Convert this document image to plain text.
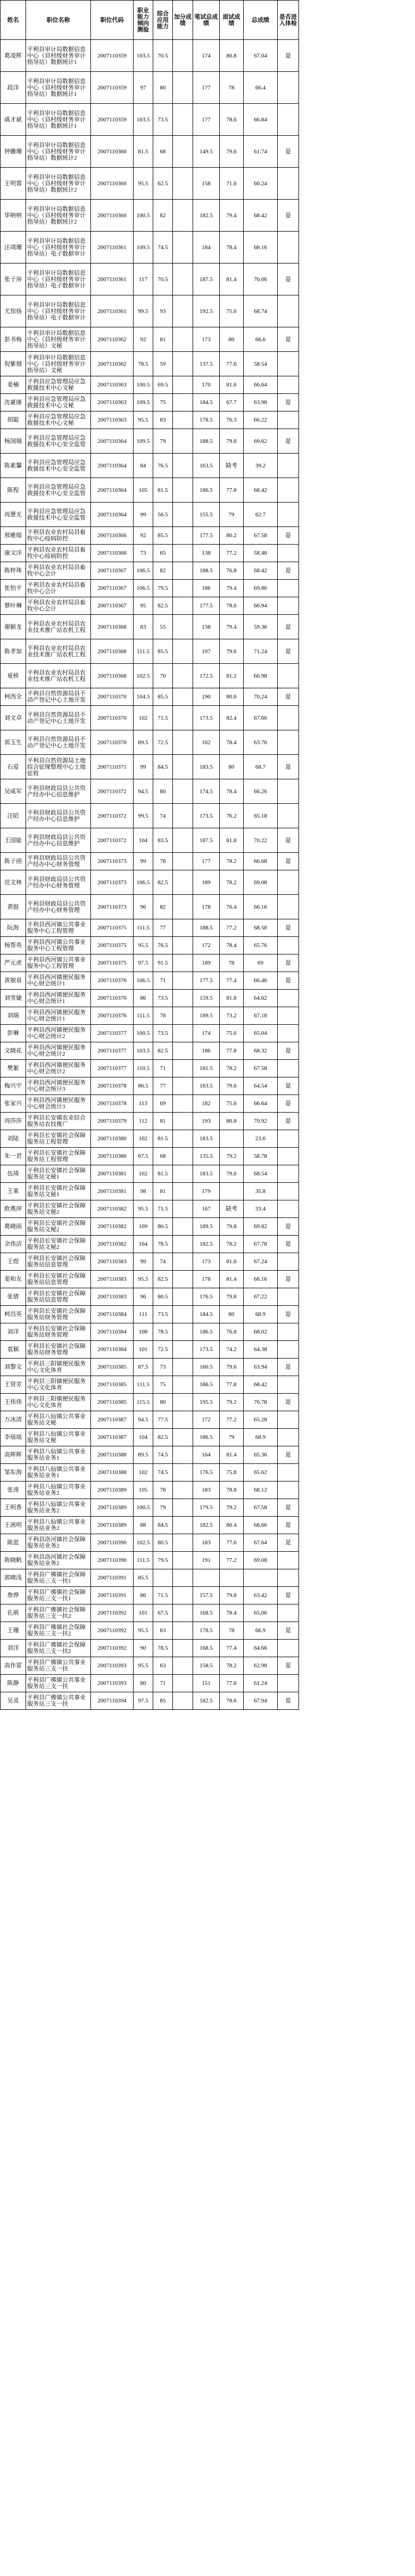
姓名	职位名称	职位代码	职业能力倾向测验	综合应用能力	加分成绩	笔试总成绩	面试成绩	总成绩	是否进入体检	
葛凌辉	平利县审计局数据信息中心（县村级财务审计指导站）数据统计1	2007110359	103.5	70.5		174	80.8	67.04	是	
段洋	平利县审计局数据信息中心（县村级财务审计指导站）数据统计1	2007110359	97	80		177	78	66.4		
戚才斌	平利县审计局数据信息中心（县村级财务审计指导站）数据统计1	2007110359	103.5	73.5		177	78.6	66.84		
钟姗珊	平利县审计局数据信息中心（县村级财务审计指导站）数据统计2	2007110360	81.5	68		149.5	79.6	61.74	是	
王明蓉	平利县审计局数据信息中心（县村级财务审计指导站）数据统计2	2007110360	95.5	62.5		158	71.6	60.24		
华呐呐	平利县审计局数据信息中心（县村级财务审计指导站）数据统计2	2007110360	100.5	82		182.5	79.4	68.42	是	
汪靖珊	平利县审计局数据信息中心（县村级财务审计指导站）电子数据审计	2007110361	109.5	74.5		184	78.4	68.16		
张子房	平利县审计局数据信息中心（县村级财务审计指导站）电子数据审计	2007110361	117	70.5		187.5	81.4	70.06	是	
尤惊扬	平利县审计局数据信息中心（县村级财务审计指导站）电子数据审计	2007110361	99.5	93		192.5	75.6	68.74		
彭书梅	平利县审计局数据信息中心（县村级财务审计指导站）文秘	2007110362	92	81		173	80	66.6	是	
倪紫烟	平利县审计局数据信息中心（县村级财务审计指导站）文秘	2007110362	78.5	59		137.5	77.6	58.54		
姜楠	平利县应急管理局应急救援技术中心文秘	2007110363	100.5	69.5		170	81.6	66.64		
沈豪康	平利县应急管理局应急救援技术中心文秘	2007110363	109.5	75		184.5	67.7	63.98	是	
胡聪	平利县应急管理局应急救援技术中心文秘	2007110363	95.5	83		178.5	76.3	66.22		
杨国瑞	平利县应急管理局应急救援技术中心安全监管	2007110364	109.5	79		188.5	79.8	69.62	是	
陈素馨	平利县应急管理局应急救援技术中心安全监管	2007110364	84	76.5		163.5	缺考	39.2		
陈程	平利县应急管理局应急救援技术中心安全监管	2007110364	105	81.5		186.5	77.8	68.42		
周慧光	平利县应急管理局应急救援技术中心安全监管	2007110364	99	56.5		155.5	79	62.7		
邢雅缇	平利县农业农村局县畜牧中心疫病防控	2007110366	92	85.5		177.5	80.2	67.58	是	
康文洋	平利县农业农村局县畜牧中心疫病防控	2007110366	73	65		138	77.2	58.48		
陈梓珠	平利县农业农村局县畜牧中心会计	2007110367	106.5	82		188.5	76.8	68.42	是	
张怡平	平利县农业农村局县畜牧中心会计	2007110367	106.5	79.5		186	79.4	69.86		
蔡叶琳	平利县农业农村局县畜牧中心会计	2007110367	95	82.5		177.5	78.6	66.94		
谢颖龙	平利县农业农村局县农业技术推广站农机工程	2007110368	83	55		138	79.4	59.36	是	
陈孝加	平利县农业农村局县农业技术推广站农机工程	2007110368	111.5	85.5		197	79.6	71.24	是	
夏桥	平利县农业农村局县农业技术推广站农机工程	2007110368	102.5	70		172.5	81.2	66.98		
柯西全	平利县自然资源局县不动产登记中心土地开发	2007110370	104.5	85.5		190	80.6	70.24	是	
刘文卓	平利县自然资源局县不动产登记中心土地开发	2007110370	102	71.5		173.5	82.4	67.66		
郭玉生	平利县自然资源局县不动产登记中心土地开发	2007110370	89.5	72.5		162	78.4	63.76		
石爱	平利县自然资源局土地综合征缘整理中心土地征收	2007110371	99	84.5		183.5	80	68.7	是	
吴咸军	平利县财政局县公共资产经办中心信息维护	2007110372	94.5	80		174.5	78.4	66.26		
汪昭	平利县财政局县公共资产经办中心信息维护	2007110372	99.5	74		173.5	76.2	65.18		
王国能	平利县财政局县公共资产经办中心信息维护	2007110372	104	83.5		187.5	81.8	70.22	是	
陈子函	平利县财政局县公共资产经办中心财务管理	2007110373	99	78		177	78.2	66.68	是	
范文林	平利县财政局县公共资产经办中心财务管理	2007110373	106.5	82.5		189	78.2	69.08		
黄挺	平利县财政局县公共资产经办中心财务管理	2007110373	96	82		178	76.4	66.16		
阮海	平利县西河镇公共事业服务中心工程管理	2007110375	111.5	77		188.5	77.2	68.58	是	
杨帮英	平利县西河镇公共事业服务中心工程管理	2007110375	95.5	76.5		172	78.4	65.76		
严元虎	平利县西河镇公共事业服务中心工程管理	2007110375	97.5	91.5		189	78	69	是	
黄娘泉	平利县西河镇便民服务中心财会统计1	2007110376	106.5	71		177.5	77.4	66.46	是	
刘雪婕	平利县西河镇便民服务中心财会统计1	2007110376	86	73.5		159.5	81.8	64.62		
刘瑞	平利县西河镇便民服务中心财会统计1	2007110376	111.5	78		189.5	73.2	67.18		
彭琳	平利县西河镇便民服务中心财会统计2	2007110377	100.5	73.5		174	75.6	65.04		
文晓花	平利县西河镇便民服务中心财会统计2	2007110377	103.5	82.5		186	77.8	68.32	是	
樊絮	平利县西河镇便民服务中心财会统计2	2007110377	110.5	71		181.5	78.2	67.58		
梅兴宇	平利县西河镇便民服务中心财会统计3	2007110378	86.5	77		163.5	79.6	64.54	是	
张家兴	平利县西河镇便民服务中心财会统计3	2007110378	113	69		182	75.6	66.64	是	
周莎莎	平利县长安镇农业综合服务站农技推广	2007110379	112	81		193	80.8	70.92	是	
刘陆	平利县长安镇社会保障服务站工程管理	2007110380	102	81.5		183.5		23.6		
朱一君	平利县长安镇社会保障服务站工程管理	2007110380	67.5	68		135.5	79.2	58.78		
伍琦	平利县长安镇社会保障服务站文秘1	2007110381	102	81.5		183.5	79.6	68.54		
王莱	平利县长安镇社会保障服务站文秘1	2007110381	98	81		179		35.8		
欧燕萍	平利县长安镇社会保障服务站文秘2	2007110382	95.5	71.5		167	缺考	33.4		
葛晓雨	平利县长安镇社会保障服务站文秘2	2007110382	109	80.5		189.5	79.8	69.82	是	
余伟洁	平利县长安镇社会保障服务站文秘2	2007110382	104	78.5		182.5	78.2	67.78	是	
王煜	平利县长安镇社会保障服务站信息管理	2007110383	99	74		173	81.6	67.24		
姜和友	平利县长安镇社会保障服务站信息管理	2007110383	95.5	82.5		178	81.4	68.16	是	
张倩	平利县长安镇社会保障服务站信息管理	2007110383	96	80.5		176.5	79.8	67.22		
柯昌英	平利县长安镇社会保障服务站财务管理	2007110384	111	73.5		184.5	80	68.9	是	
刘洋	平利县长安镇社会保障服务站财务管理	2007110384	108	78.5		186.5	76.8	68.02		
袁颖	平利县长安镇社会保障服务站财务管理	2007110384	101	72.5		173.5	74.2	64.38		
刘黎文	平利县三阳镇便民服务中心文化体育	2007110385	87.5	73		160.5	79.6	63.94	是	
王贤芳	平利县三阳镇便民服务中心文化体育	2007110385	111.5	75		186.5	77.8	68.42		
王伟伟	平利县三阳镇便民服务中心文化体育	2007110385	115.5	80		195.5	79.2	70.78	是	
万冰清	平利县八仙镇公共事业服务站文秘	2007110387	94.5	77.5		172	77.2	65.28		
李瑶瑶	平利县八仙镇公共事业服务站文秘	2007110387	104	82.5		186.5	79	68.9		
高辉辉	平利县八仙镇公共事业服务站业务1	2007110388	89.5	74.5		164	81.4	65.36	是	
邹东海	平利县八仙镇公共事业服务站业务1	2007110388	102	74.5		176.5	75.8	65.62		
张涛	平利县八仙镇公共事业服务站业务2	2007110389	105	78		183	78.8	68.12		
王明香	平利县八仙镇公共事业服务站业务2	2007110389	100.5	79		179.5	79.2	67.58	是	
王茜明	平利县八仙镇公共事业服务站业务2	2007110389	88	84.5		182.5	80.4	68.66	是	
陈蓝	平利县洛河镇社会保障服务站业务2	2007110390	102.5	80.5		183	77.6	67.64	是	
陈晓帆	平利县洛河镇社会保障服务站业务2	2007110390	111.5	79.5		191	77.2	69.08		
郭晴浅	平利县广佛镇社会保障服务站三支一扶1	2007110391	85.5							
詹烨	平利县广佛镇社会保障服务站三支一扶1	2007110391	86	71.5		157.5	79.8	63.42	是	
孔萌	平利县广佛镇社会保障服务站三支一扶2	2007110392	101	67.5		168.5	78.4	65.06		
王珊	平利县广佛镇社会保障服务站三支一扶2	2007110392	95.5	83		178.5	78	66.9	是	
刘洋	平利县广佛镇社会保障服务站三支一扶2	2007110392	90	78.5		168.5	77.4	64.66		
高作雷	平利县广佛镇公共事业服务站三支一扶	2007110393	95.5	63		158.5	78.2	62.98	是	
陈静	平利县广佛镇公共事业服务站三支一扶	2007110393	80	71		151	77.6	61.24		
吴灵	平利县广佛镇公共事业服务站三支一扶	2007110394	97.5	85		182.5	78.6	67.94	是	
